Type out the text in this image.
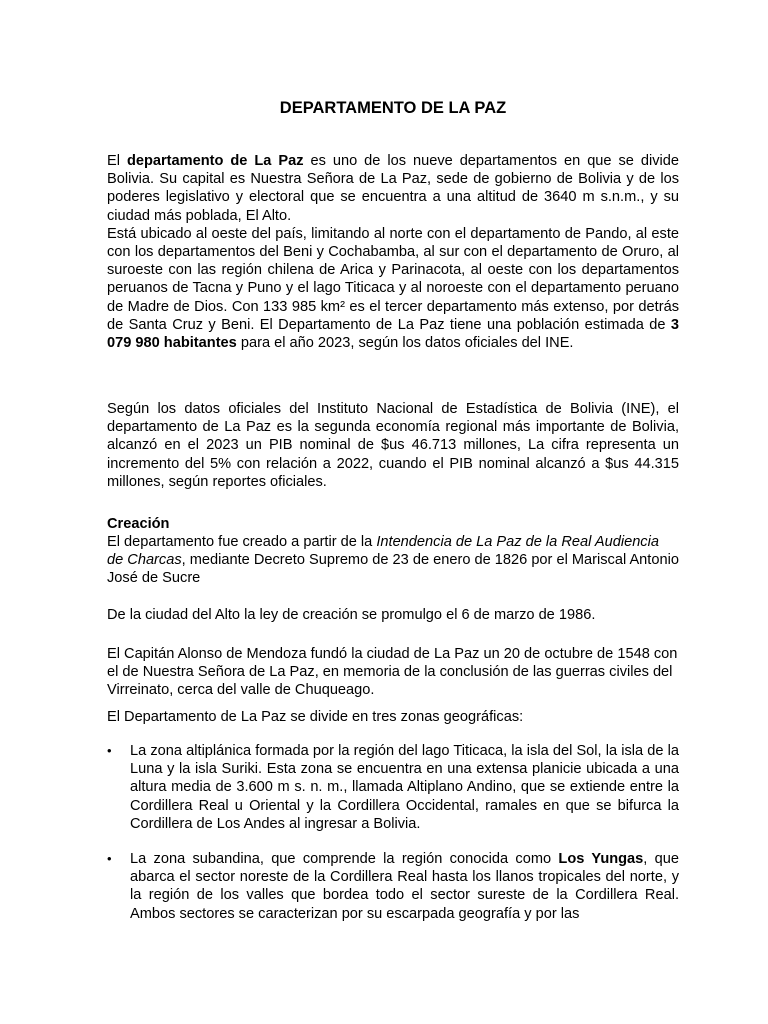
DEPARTAMENTO DE LA PAZ

El departamento de La Paz es uno de los nueve departamentos en que se divide Bolivia. Su capital es Nuestra Señora de La Paz, sede de gobierno de Bolivia y de los poderes legislativo y electoral que se encuentra a una altitud de 3640 m s.n.m., y su ciudad más poblada, El Alto.
Está ubicado al oeste del país, limitando al norte con el departamento de Pando, al este con los departamentos del Beni y Cochabamba, al sur con el departamento de Oruro, al suroeste con las región chilena de Arica y Parinacota, al oeste con los departamentos peruanos de Tacna y Puno y el lago Titicaca y al noroeste con el departamento peruano de Madre de Dios. Con 133 985 km² es el tercer departamento más extenso, por detrás de Santa Cruz y Beni. El Departamento de La Paz tiene una población estimada de 3 079 980 habitantes para el año 2023, según los datos oficiales del INE.

Según los datos oficiales del Instituto Nacional de Estadística de Bolivia (INE), el departamento de La Paz es la segunda economía regional más importante de Bolivia, alcanzó en el 2023 un PIB nominal de $us 46.713 millones, La cifra representa un incremento del 5% con relación a 2022, cuando el PIB nominal alcanzó a $us 44.315 millones, según reportes oficiales.

Creación

El departamento fue creado a partir de la Intendencia de La Paz de la Real Audiencia de Charcas, mediante Decreto Supremo de 23 de enero de 1826 por el Mariscal Antonio José de Sucre

De la ciudad del Alto la ley de creación se promulgo el 6 de marzo de 1986.

El Capitán Alonso de Mendoza fundó la ciudad de La Paz un 20 de octubre de 1548 con el de Nuestra Señora de La Paz, en memoria de la conclusión de las guerras civiles del Virreinato, cerca del valle de Chuqueago.

El Departamento de La Paz se divide en tres zonas geográficas:

• La zona altiplánica formada por la región del lago Titicaca, la isla del Sol, la isla de la Luna y la isla Suriki. Esta zona se encuentra en una extensa planicie ubicada a una altura media de 3.600 m s. n. m., llamada Altiplano Andino, que se extiende entre la Cordillera Real u Oriental y la Cordillera Occidental, ramales en que se bifurca la Cordillera de Los Andes al ingresar a Bolivia.

• La zona subandina, que comprende la región conocida como Los Yungas, que abarca el sector noreste de la Cordillera Real hasta los llanos tropicales del norte, y la región de los valles que bordea todo el sector sureste de la Cordillera Real. Ambos sectores se caracterizan por su escarpada geografía y por las
